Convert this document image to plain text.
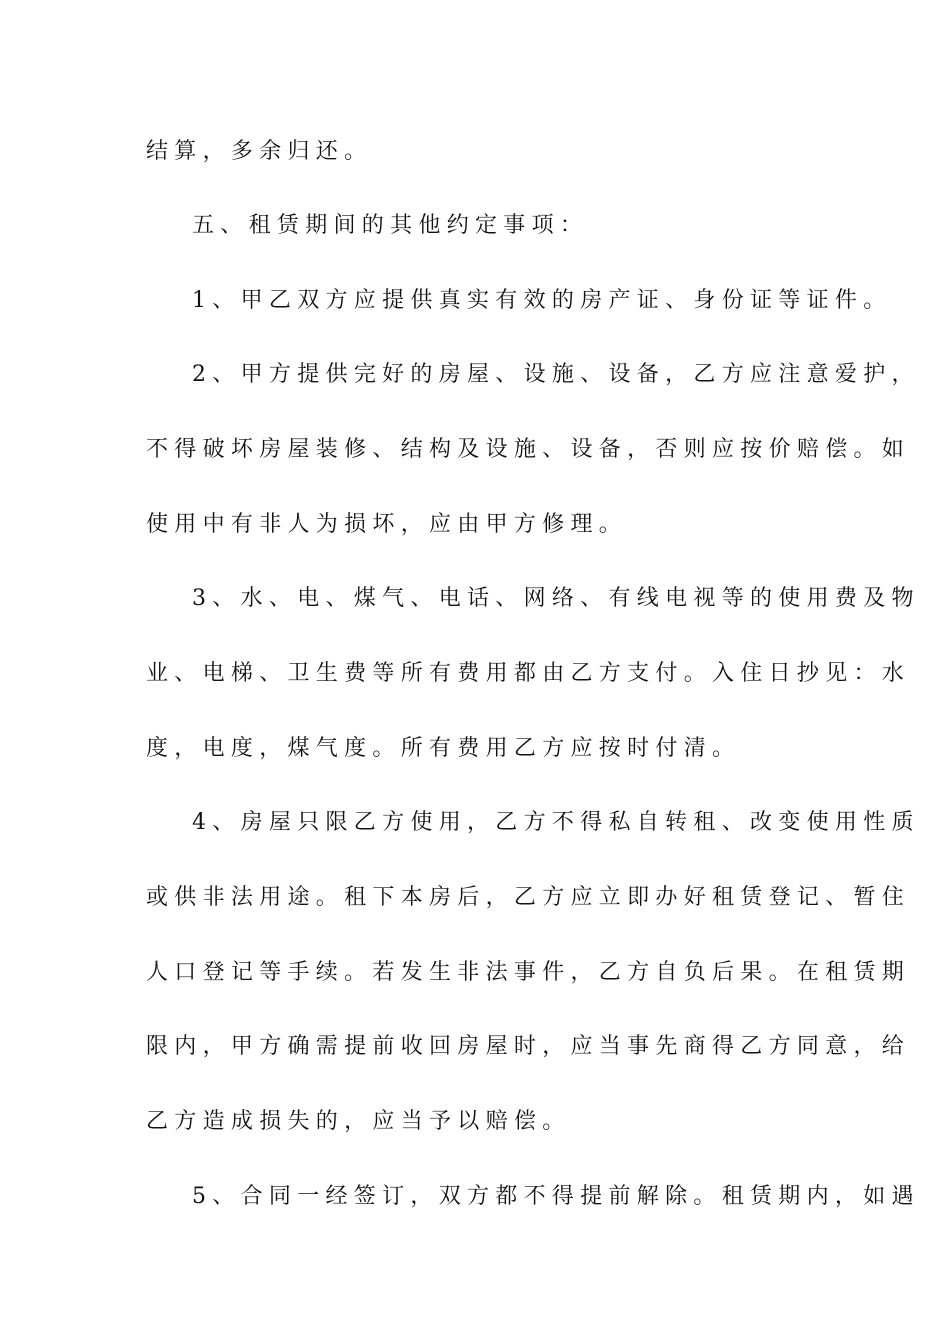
结算，多余归还。
五、租赁期间的其他约定事项：
1、甲乙双方应提供真实有效的房产证、身份证等证件。
2、甲方提供完好的房屋、设施、设备，乙方应注意爱护，
不得破坏房屋装修、结构及设施、设备，否则应按价赔偿。如
使用中有非人为损坏，应由甲方修理。
3、水、电、煤气、电话、网络、有线电视等的使用费及物
业、电梯、卫生费等所有费用都由乙方支付。入住日抄见：水
度，电度，煤气度。所有费用乙方应按时付清。
4、房屋只限乙方使用，乙方不得私自转租、改变使用性质
或供非法用途。租下本房后，乙方应立即办好租赁登记、暂住
人口登记等手续。若发生非法事件，乙方自负后果。在租赁期
限内，甲方确需提前收回房屋时，应当事先商得乙方同意，给
乙方造成损失的，应当予以赔偿。
5、合同一经签订，双方都不得提前解除。租赁期内，如遇
